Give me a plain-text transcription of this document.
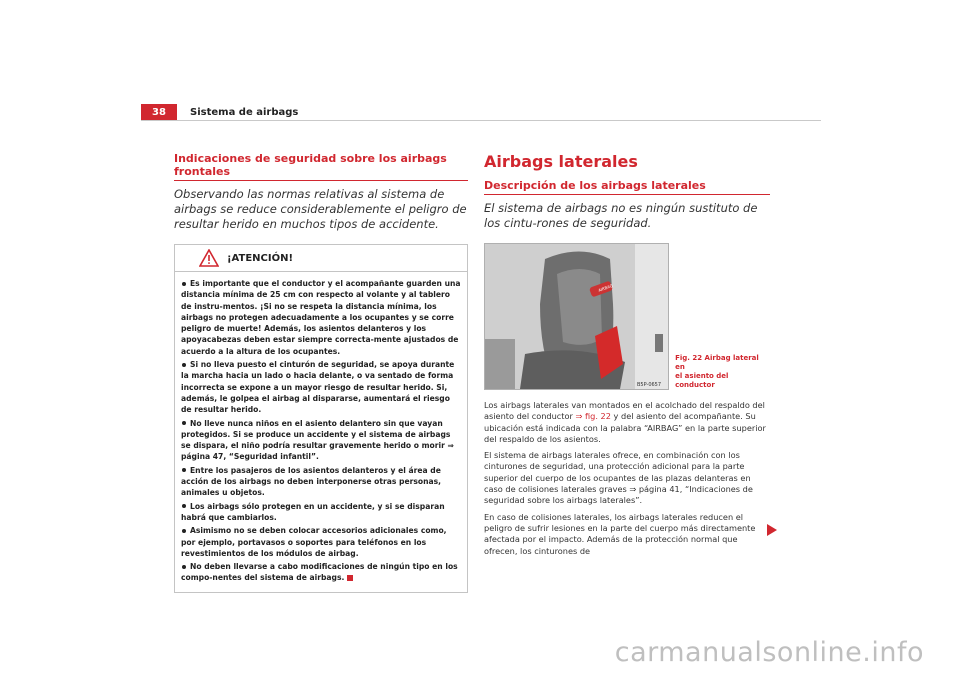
38	Sistema de airbags
Indicaciones de seguridad sobre los airbags frontales

Observando las normas relativas al sistema de airbags se reduce considerablemente el peligro de resultar herido en muchos tipos de accidente.

¡ATENCIÓN!
Es importante que el conductor y el acompañante guarden una distancia mínima de 25 cm con respecto al volante y al tablero de instru-mentos. ¡Si no se respeta la distancia mínima, los airbags no protegen adecuadamente a los ocupantes y se corre peligro de muerte! Además, los asientos delanteros y los apoyacabezas deben estar siempre correcta-mente ajustados de acuerdo a la altura de los ocupantes.
Si no lleva puesto el cinturón de seguridad, se apoya durante la marcha hacia un lado o hacia delante, o va sentado de forma incorrecta se expone a un mayor riesgo de resultar herido. Si, además, le golpea el airbag al dispararse, aumentará el riesgo de resultar herido.
No lleve nunca niños en el asiento delantero sin que vayan protegidos. Si se produce un accidente y el sistema de airbags se dispara, el niño podría resultar gravemente herido o morir ⇒ página 47, “Seguridad infantil”.
Entre los pasajeros de los asientos delanteros y el área de acción de los airbags no deben interponerse otras personas, animales u objetos.
Los airbags sólo protegen en un accidente, y si se disparan habrá que cambiarlos.
Asimismo no se deben colocar accesorios adicionales como, por ejemplo, portavasos o soportes para teléfonos en los revestimientos de los módulos de airbag.
No deben llevarse a cabo modificaciones de ningún tipo en los compo-nentes del sistema de airbags.
Airbags laterales
Descripción de los airbags laterales

El sistema de airbags no es ningún sustituto de los cintu-rones de seguridad.

AIRBAG
B5P-0657
Fig. 22 Airbag lateral en
el asiento del conductor

Los airbags laterales van montados en el acolchado del respaldo del asiento del conductor ⇒ fig. 22 y del asiento del acompañante. Su ubicación está indicada con la palabra “AIRBAG” en la parte superior del respaldo de los asientos.

El sistema de airbags laterales ofrece, en combinación con los cinturones de seguridad, una protección adicional para la parte superior del cuerpo de los ocupantes de las plazas delanteras en caso de colisiones laterales graves ⇒ página 41, “Indicaciones de seguridad sobre los airbags laterales”.

En caso de colisiones laterales, los airbags laterales reducen el peligro de sufrir lesiones en la parte del cuerpo más directamente afectada por el impacto. Además de la protección normal que ofrecen, los cinturones de

carmanualsonline.info
